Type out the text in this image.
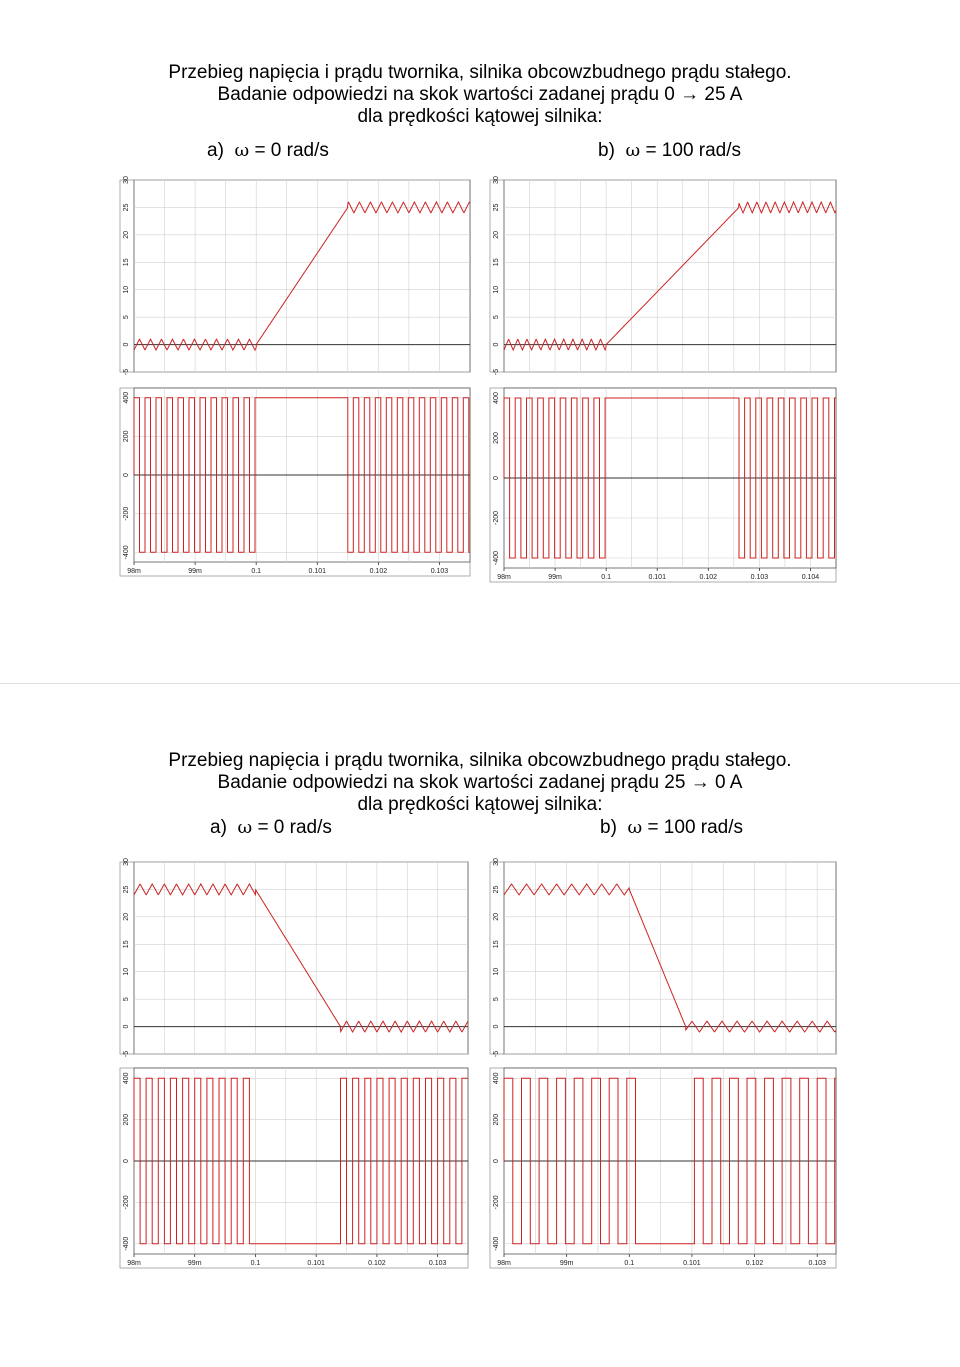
Przebieg napięcia i prądu twornika, silnika obcowzbudnego prądu stałego.
Badanie odpowiedzi na skok wartości zadanej prądu 0 → 25 A
dla prędkości kątowej silnika:
a) ω = 0 rad/s	b) ω = 100 rad/s
Przebieg napięcia i prądu twornika, silnika obcowzbudnego prądu stałego.
Badanie odpowiedzi na skok wartości zadanej prądu 25 → 0 A
dla prędkości kątowej silnika:
a) ω = 0 rad/s	b) ω = 100 rad/s
-5
0
5
10
15
20
25
30
-400
-200
0
200
400
98m	99m	0.1	0.101	0.102	0.103
-5
0
5
10
15
20
25
30
-400
-200
0
200
400
98m	99m	0.1	0.101	0.102	0.103	0.104
-5
0
5
10
15
20
25
30
-400
-200
0
200
400
98m	99m	0.1	0.101	0.102	0.103
-5
0
5
10
15
20
25
30
-400
-200
0
200
400
98m	99m	0.1	0.101	0.102	0.103
